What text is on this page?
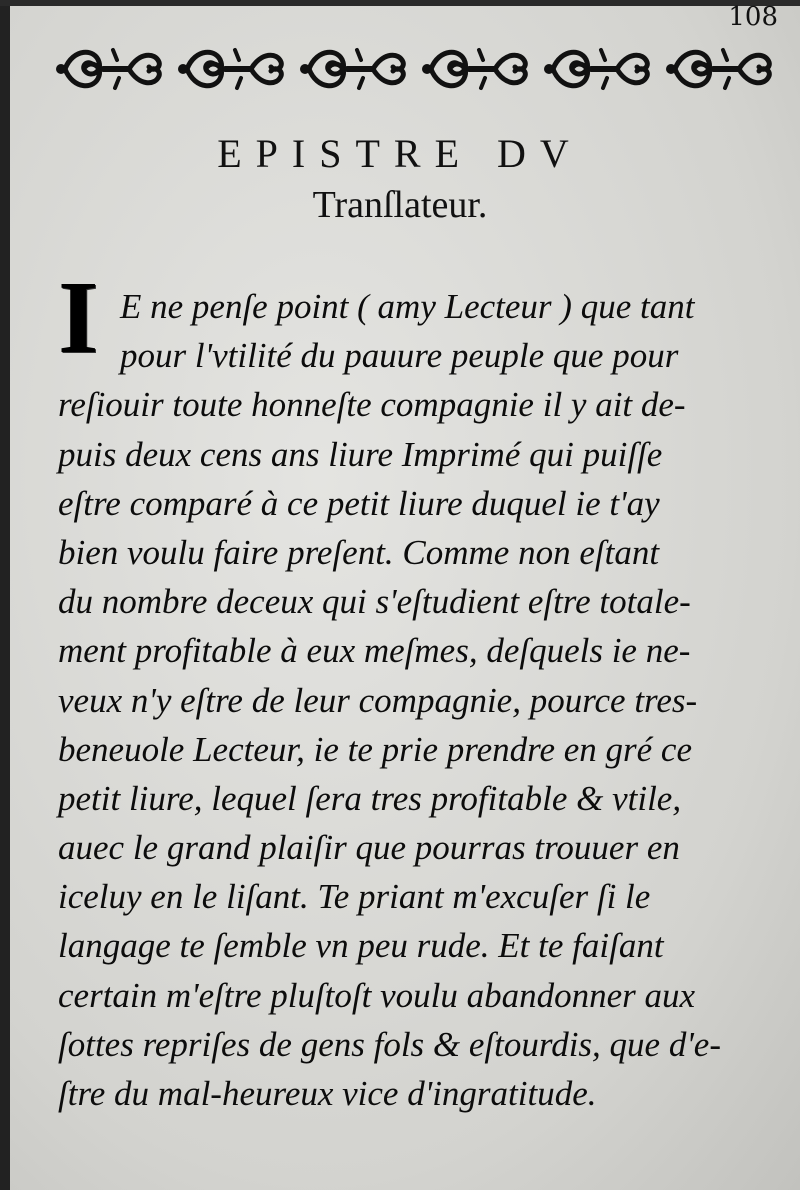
108
EPISTRE DV
Tranſlateur.
I E ne penſe point ( amy Lecteur ) que tant
pour l'vtilité du pauure peuple que pour
reſiouir toute honneſte compagnie il y ait de-
puis deux cens ans liure Imprimé qui puiſſe
eſtre comparé à ce petit liure duquel ie t'ay
bien voulu faire preſent. Comme non eſtant
du nombre deceux qui s'eſtudient eſtre totale-
ment profitable à eux meſmes, deſquels ie ne-
veux n'y eſtre de leur compagnie, pource tres-
beneuole Lecteur, ie te prie prendre en gré ce
petit liure, lequel ſera tres profitable & vtile,
auec le grand plaiſir que pourras trouuer en
iceluy en le liſant. Te priant m'excuſer ſi le
langage te ſemble vn peu rude. Et te faiſant
certain m'eſtre pluſtoſt voulu abandonner aux
ſottes repriſes de gens fols & eſtourdis, que d'e-
ſtre du mal-heureux vice d'ingratitude.
